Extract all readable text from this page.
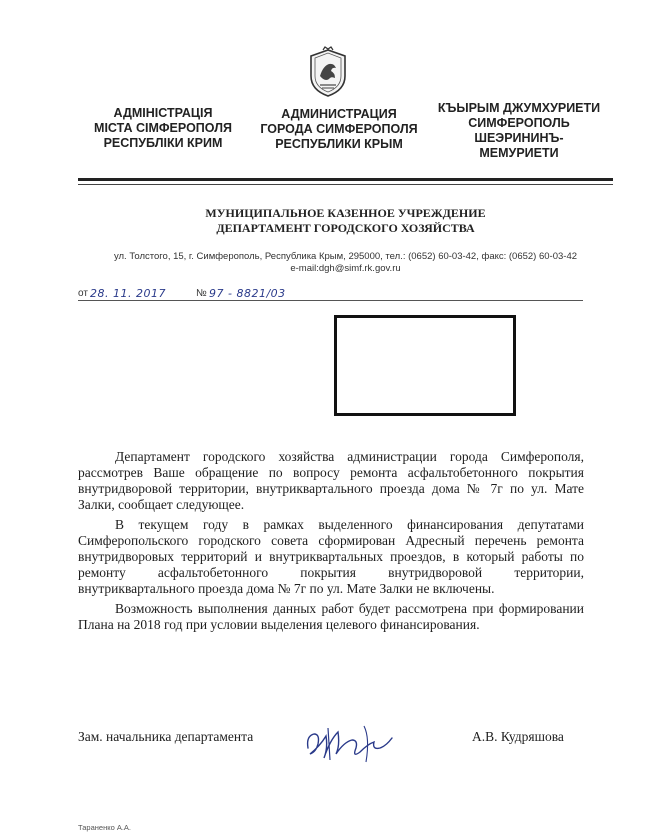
АДМІНІСТРАЦІЯ
МІСТА СІМФЕРОПОЛЯ
РЕСПУБЛІКИ КРИМ
АДМИНИСТРАЦИЯ
ГОРОДА СИМФЕРОПОЛЯ
РЕСПУБЛИКИ КРЫМ
КЪЫРЫМ ДЖУМХУРИЕТИ
СИМФЕРОПОЛЬ
ШЕЭРИНИНЪ-
МЕМУРИЕТИ
МУНИЦИПАЛЬНОЕ КАЗЕННОЕ УЧРЕЖДЕНИЕ
ДЕПАРТАМЕНТ ГОРОДСКОГО ХОЗЯЙСТВА
ул. Толстого, 15, г. Симферополь, Республика Крым, 295000, тел.: (0652) 60-03-42, факс: (0652) 60-03-42
e-mail:dgh@simf.rk.gov.ru
от 28. 11. 2017	№ 97 - 8821/03

Департамент городского хозяйства администрации города Симферополя, рассмотрев Ваше обращение по вопросу ремонта асфальтобетонного покрытия внутридворовой территории, внутриквартального проезда дома № 7г по ул. Мате Залки, сообщает следующее.

В текущем году в рамках выделенного финансирования депутатами Симферопольского городского совета сформирован Адресный перечень ремонта внутридворовых территорий и внутриквартальных проездов, в который работы по ремонту асфальтобетонного покрытия внутридворовой территории, внутриквартального проезда дома № 7г по ул. Мате Залки не включены.

Возможность выполнения данных работ будет рассмотрена при формировании Плана на 2018 год при условии выделения целевого финансирования.

Зам. начальника департамента	А.В. Кудряшова
Тараненко А.А.
